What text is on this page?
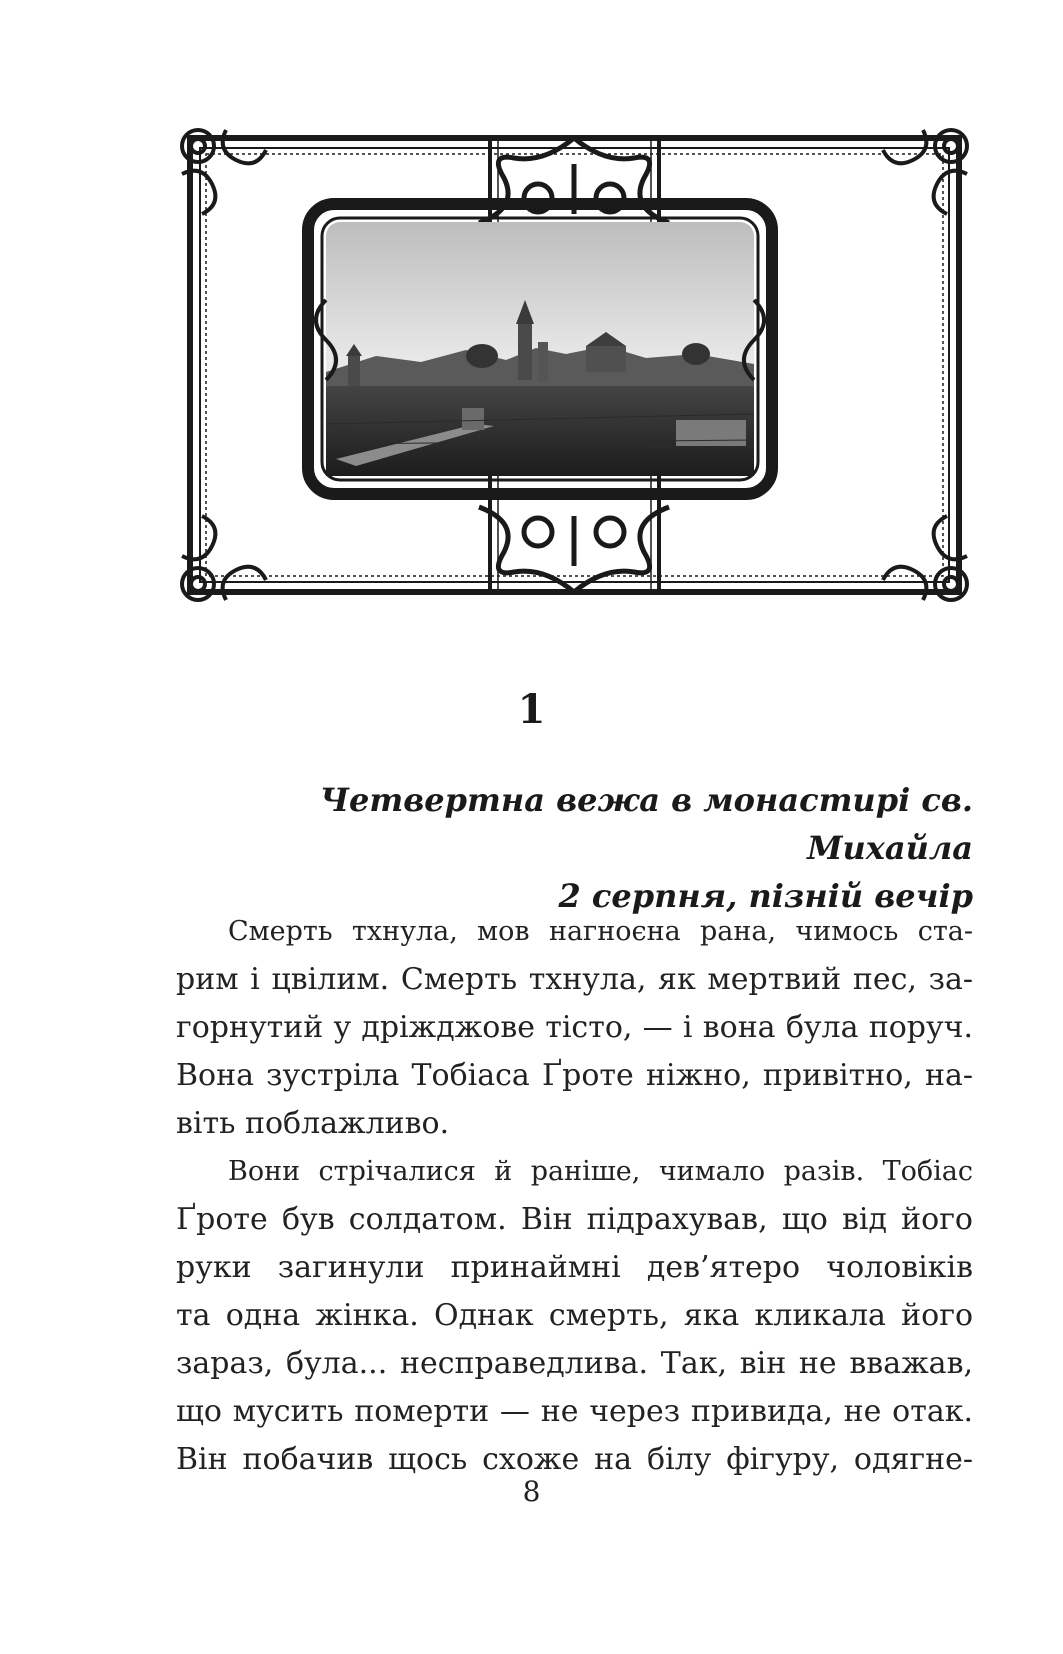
1
Четвертна вежа в монастирі св. Михайла
2 серпня, пізній вечір

Смерть тхнула, мов нагноєна рана, чимось ста-
рим і цвілим. Смерть тхнула, як мертвий пес, за-
горнутий у дріжджове тісто, — і вона була поруч.
Вона зустріла Тобіаса Ґроте ніжно, привітно, на-
віть поблажливо.

Вони стрічалися й раніше, чимало разів. Тобіас
Ґроте був солдатом. Він підрахував, що від його
руки загинули принаймні дев’ятеро чоловіків
та одна жінка. Однак смерть, яка кликала його
зараз, була... несправедлива. Так, він не вважав,
що мусить померти — не через привида, не отак.
Він побачив щось схоже на білу фігуру, одягне-

8
